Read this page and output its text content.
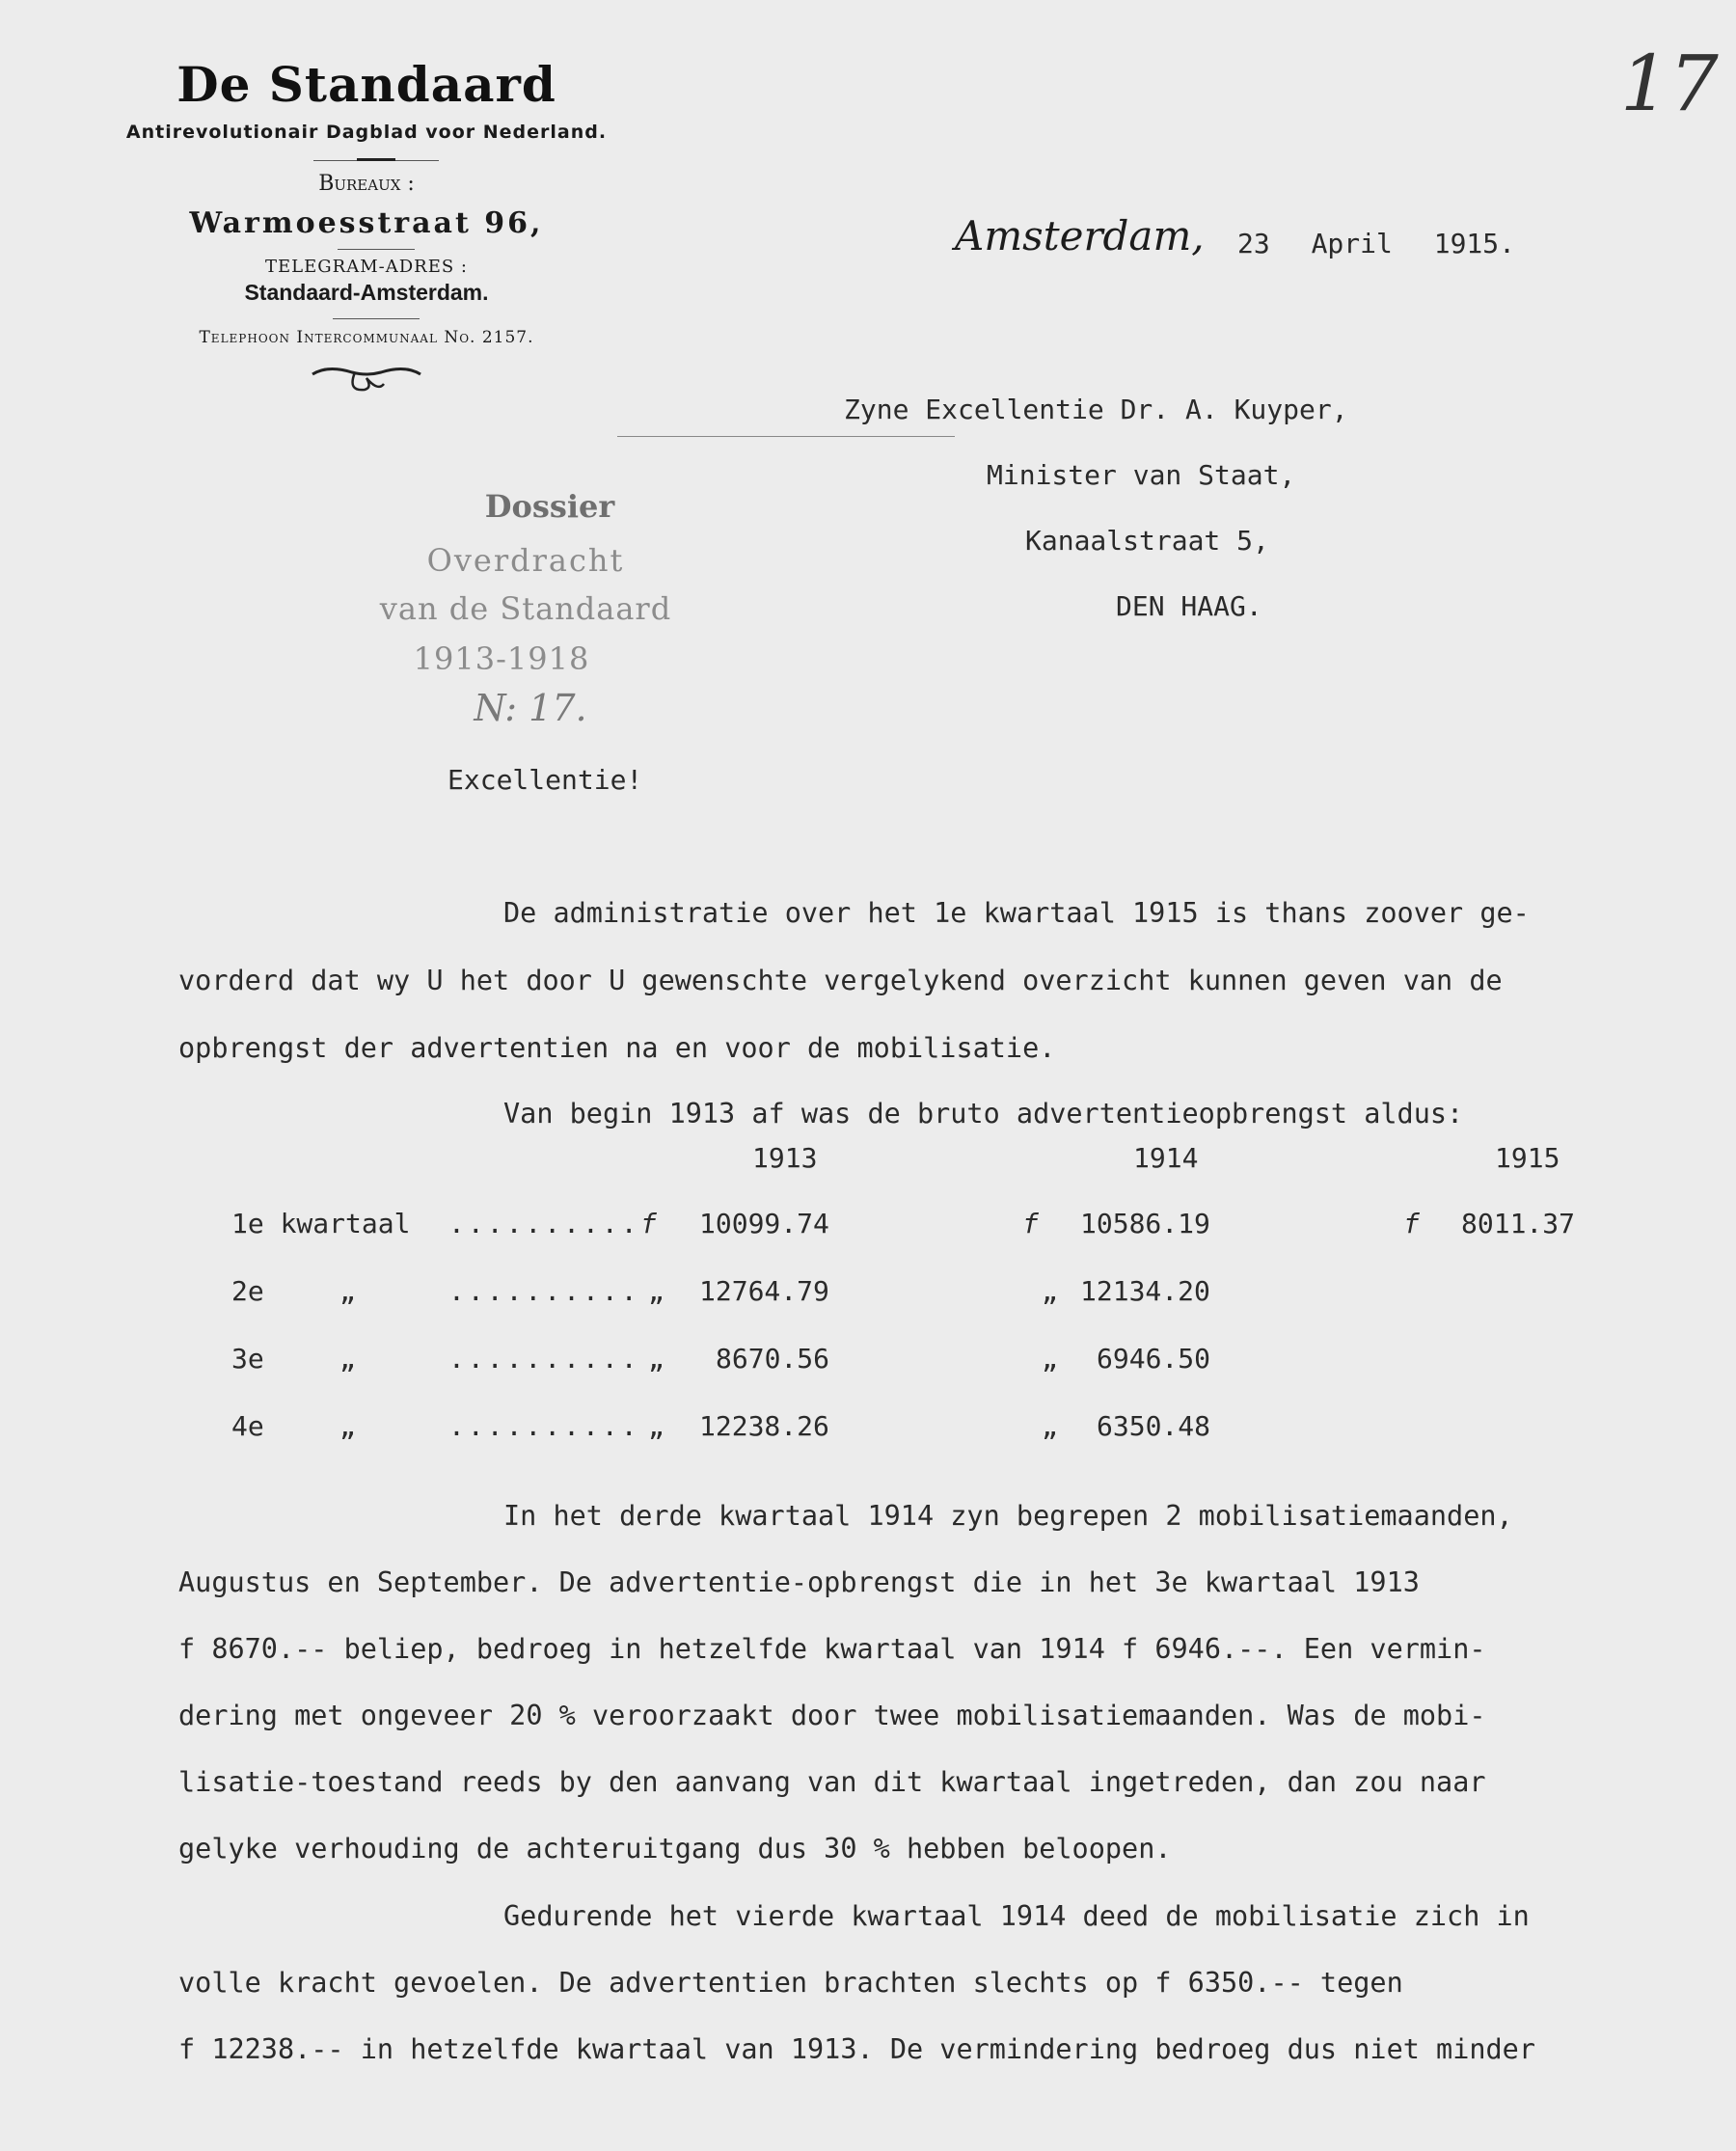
De Standaard
Antirevolutionair Dagblad voor Nederland.
Bureaux :
Warmoesstraat 96,
TELEGRAM-ADRES :
Standaard-Amsterdam.
Telephoon Intercommunaal No. 2157.
17
Amsterdam, 23 April 1915.
Zyne Excellentie Dr. A. Kuyper,
Minister van Staat,
Kanaalstraat 5,
DEN HAAG.
Dossier
Overdracht
van de Standaard
1913-1918
N: 17.
Excellentie!
De administratie over het 1e kwartaal 1915 is thans zoover ge-
vorderd dat wy U het door U gewenschte vergelykend overzicht kunnen geven van de
opbrengst der advertentien na en voor de mobilisatie.
Van begin 1913 af was de bruto advertentieopbrengst aldus:
1913	1914	1915
1e kwartaal .......... f 10099.74	f 10586.19	f 8011.37
2e	„	.......... „ 12764.79	„ 12134.20
3e	„	.......... „ 8670.56	„ 6946.50
4e	„	.......... „ 12238.26	„ 6350.48
In het derde kwartaal 1914 zyn begrepen 2 mobilisatiemaanden,
Augustus en September. De advertentie-opbrengst die in het 3e kwartaal 1913
f 8670.-- beliep, bedroeg in hetzelfde kwartaal van 1914 f 6946.--. Een vermin-
dering met ongeveer 20 % veroorzaakt door twee mobilisatiemaanden. Was de mobi-
lisatie-toestand reeds by den aanvang van dit kwartaal ingetreden, dan zou naar
gelyke verhouding de achteruitgang dus 30 % hebben beloopen.
Gedurende het vierde kwartaal 1914 deed de mobilisatie zich in
volle kracht gevoelen. De advertentien brachten slechts op f 6350.-- tegen
f 12238.-- in hetzelfde kwartaal van 1913. De vermindering bedroeg dus niet minder
